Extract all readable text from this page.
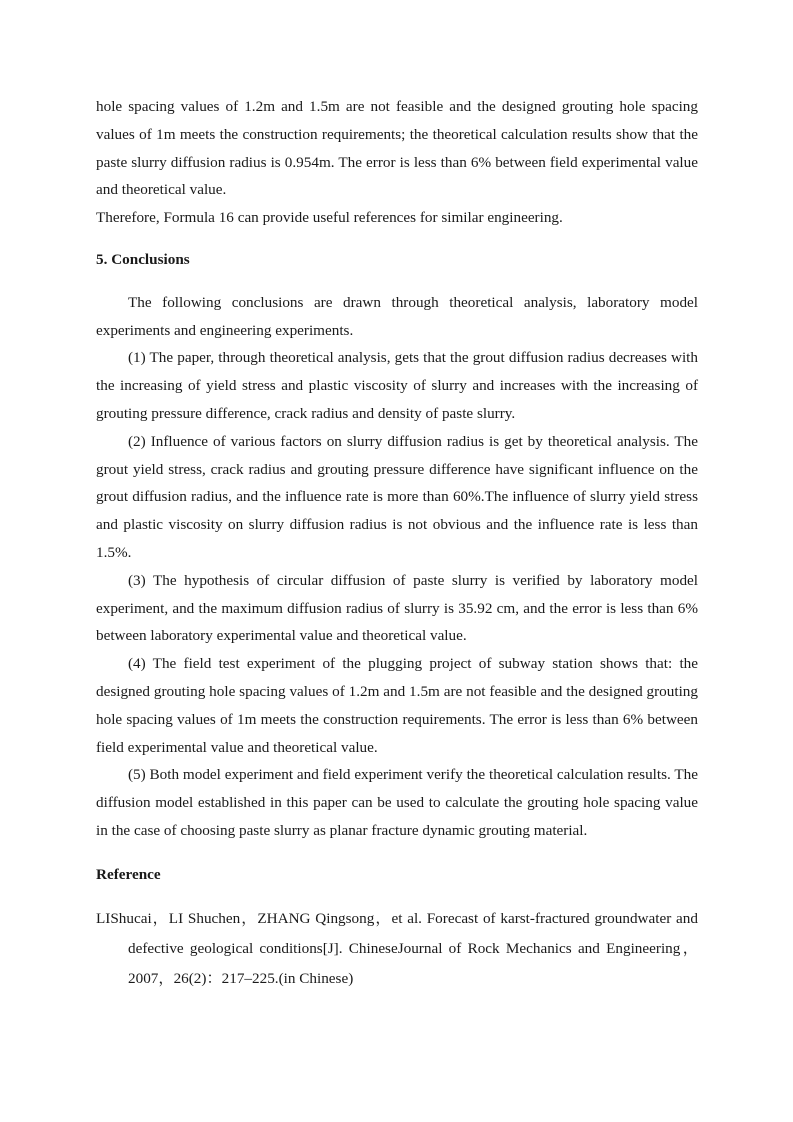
hole spacing values of 1.2m and 1.5m are not feasible and the designed grouting hole spacing values of 1m meets the construction requirements; the theoretical calculation results show that the paste slurry diffusion radius is 0.954m. The error is less than 6% between field experimental value and theoretical value.

Therefore, Formula 16 can provide useful references for similar engineering.

5. Conclusions

The following conclusions are drawn through theoretical analysis, laboratory model experiments and engineering experiments.

(1) The paper, through theoretical analysis, gets that the grout diffusion radius decreases with the increasing of yield stress and plastic viscosity of slurry and increases with the increasing of grouting pressure difference, crack radius and density of paste slurry.

(2) Influence of various factors on slurry diffusion radius is get by theoretical analysis. The grout yield stress, crack radius and grouting pressure difference have significant influence on the grout diffusion radius, and the influence rate is more than 60%.The influence of slurry yield stress and plastic viscosity on slurry diffusion radius is not obvious and the influence rate is less than 1.5%.

(3) The hypothesis of circular diffusion of paste slurry is verified by laboratory model experiment, and the maximum diffusion radius of slurry is 35.92 cm, and the error is less than 6% between laboratory experimental value and theoretical value.

(4) The field test experiment of the plugging project of subway station shows that: the designed grouting hole spacing values of 1.2m and 1.5m are not feasible and the designed grouting hole spacing values of 1m meets the construction requirements. The error is less than 6% between field experimental value and theoretical value.

(5) Both model experiment and field experiment verify the theoretical calculation results. The diffusion model established in this paper can be used to calculate the grouting hole spacing value in the case of choosing paste slurry as planar fracture dynamic grouting material.

Reference

LIShucai，LI Shuchen，ZHANG Qingsong，et al. Forecast of karst-fractured groundwater and defective geological conditions[J]. ChineseJournal of Rock Mechanics and Engineering，2007，26(2)：217–225.(in Chinese)
